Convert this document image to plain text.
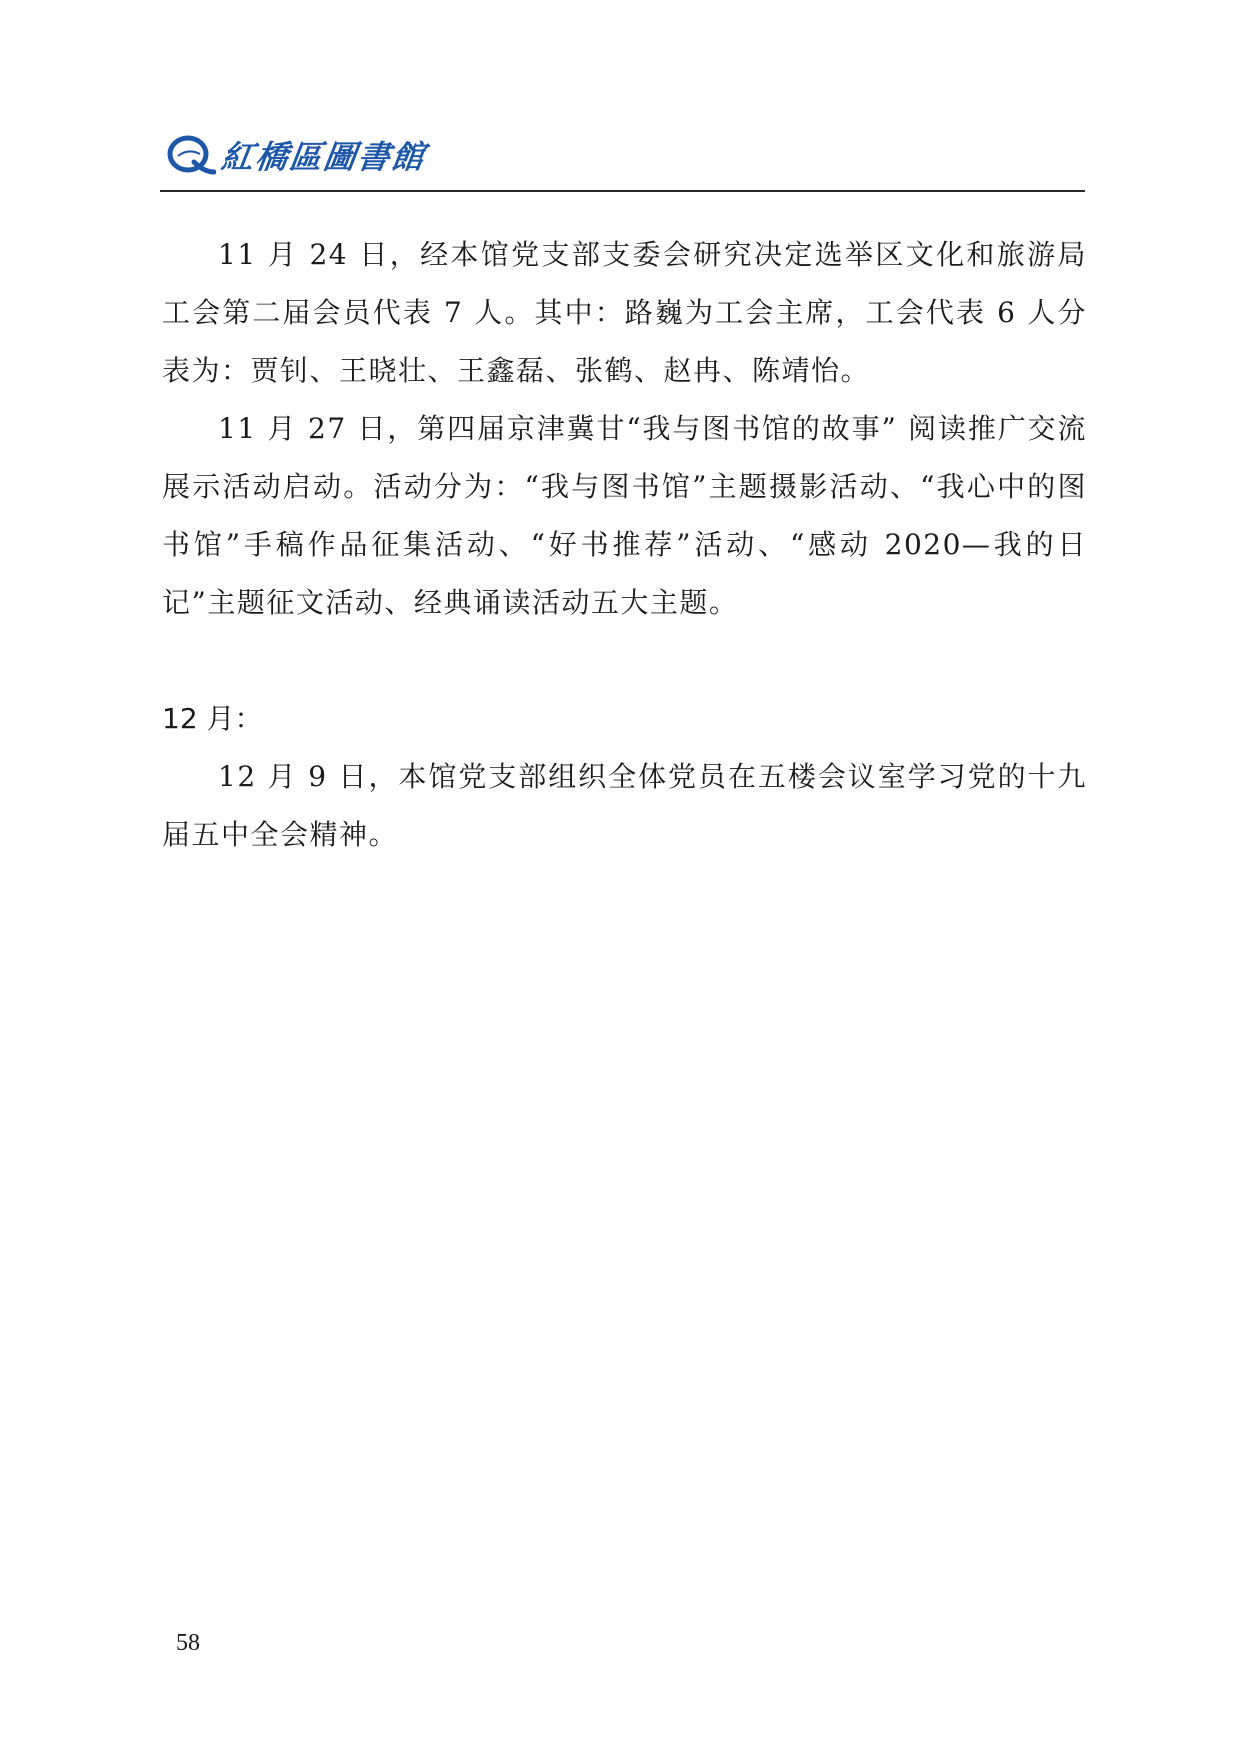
紅橋區圖書館

11 月 24 日，经本馆党支部支委会研究决定选举区文化和旅游局工会第二届会员代表 7 人。其中：路巍为工会主席，工会代表 6 人分表为：贾钊、王晓壮、王鑫磊、张鹤、赵冉、陈靖怡。

11 月 27 日，第四届京津冀甘“我与图书馆的故事” 阅读推广交流展示活动启动。活动分为：“我与图书馆”主题摄影活动、“我心中的图书馆”手稿作品征集活动、“好书推荐”活动、“感动 2020—我的日记”主题征文活动、经典诵读活动五大主题。

12 月：

12 月 9 日，本馆党支部组织全体党员在五楼会议室学习党的十九届五中全会精神。

58
